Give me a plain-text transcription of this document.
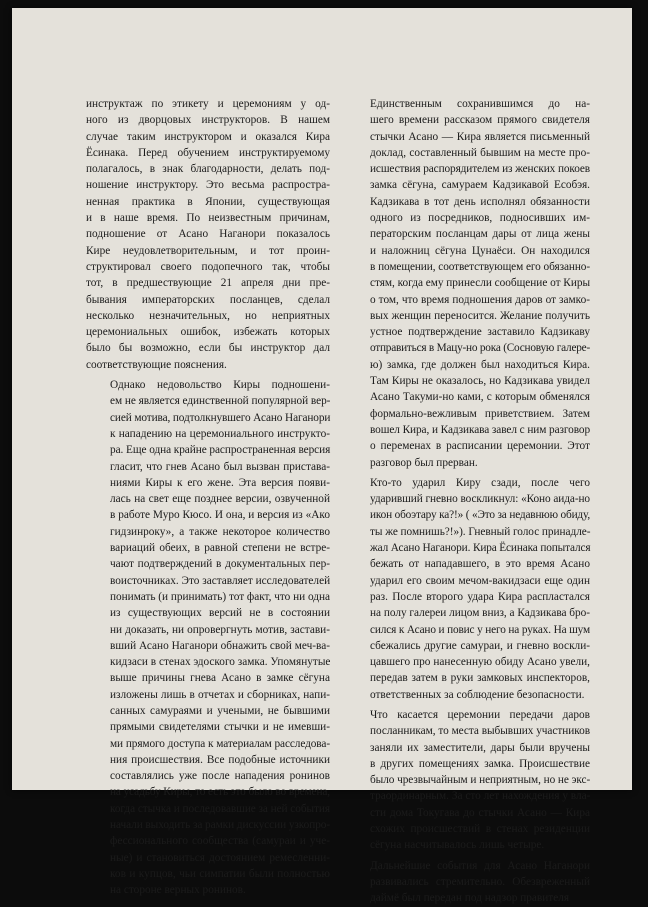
инструктаж по этикету и церемониям у од-
ного из дворцовых инструкторов. В нашем
случае таким инструктором и оказался Кира
Ёсинака. Перед обучением инструктируемому
полагалось, в знак благодарности, делать под-
ношение инструктору. Это весьма распростра-
ненная практика в Японии, существующая
и в наше время. По неизвестным причинам,
подношение от Асано Наганори показалось
Кире неудовлетворительным, и тот проин-
структировал своего подопечного так, чтобы
тот, в предшествующие 21 апреля дни пре-
бывания императорских посланцев, сделал
несколько незначительных, но неприятных
церемониальных ошибок, избежать которых
было бы возможно, если бы инструктор дал
соответствующие пояснения.

Однако недовольство Киры подношени-
ем не является единственной популярной вер-
сией мотива, подтолкнувшего Асано Наганори
к нападению на церемониального инструкто-
ра. Еще одна крайне распространенная версия
гласит, что гнев Асано был вызван пристава-
ниями Киры к его жене. Эта версия появи-
лась на свет еще позднее версии, озвученной
в работе Муро Кюсо. И она, и версия из «Ако
гидзинроку», а также некоторое количество
вариаций обеих, в равной степени не встре-
чают подтверждений в документальных пер-
воисточниках. Это заставляет исследователей
понимать (и принимать) тот факт, что ни одна
из существующих версий не в состоянии
ни доказать, ни опровергнуть мотив, застави-
вший Асано Наганори обнажить свой меч-ва-
кидзаси в стенах эдоского замка. Упомянутые
выше причины гнева Асано в замке сёгуна
изложены лишь в отчетах и сборниках, напи-
санных самураями и учеными, не бывшими
прямыми свидетелями стычки и не имевши-
ми прямого доступа к материалам расследова-
ния происшествия. Все подобные источники
составлялись уже после нападения ронинов
на усадьбу Киры, то есть это было во времена,
когда стычка и последовавшие за ней события
начали выходить за рамки дискуссии узкопро-
фессионального сообщества (самураи и уче-
ные) и становиться достоянием ремесленни-
ков и купцов, чьи симпатии были полностью
на стороне верных ронинов.

Единственным сохранившимся до на-
шего времени рассказом прямого свидетеля
стычки Асано — Кира является письменный
доклад, составленный бывшим на месте про-
исшествия распорядителем из женских покоев
замка сёгуна, самураем Кадзикавой Есобэя.
Кадзикава в тот день исполнял обязанности
одного из посредников, подносивших им-
ператорским посланцам дары от лица жены
и наложниц сёгуна Цунаёси. Он находился
в помещении, соответствующем его обязанно-
стям, когда ему принесли сообщение от Киры
о том, что время подношения даров от замко-
вых женщин переносится. Желание получить
устное подтверждение заставило Кадзикаву
отправиться в Мацу-но рока (Сосновую галере-
ю) замка, где должен был находиться Кира.
Там Киры не оказалось, но Кадзикава увидел
Асано Такуми-но ками, с которым обменялся
формально-вежливым приветствием. Затем
вошел Кира, и Кадзикава завел с ним разговор
о переменах в расписании церемонии. Этот
разговор был прерван.

Кто-то ударил Киру сзади, после чего
ударивший гневно воскликнул: «Коно аида-но
икон обоэтару ка?!» ( «Это за недавнюю обиду,
ты же помнишь?!»). Гневный голос принадле-
жал Асано Наганори. Кира Ёсинака попытался
бежать от нападавшего, в это время Асано
ударил его своим мечом-вакидзаси еще один
раз. После второго удара Кира распластался
на полу галереи лицом вниз, а Кадзикава бро-
сился к Асано и повис у него на руках. На шум
сбежались другие самураи, и гневно воскли-
цавшего про нанесенную обиду Асано увели,
передав затем в руки замковых инспекторов,
ответственных за соблюдение безопасности.

Что касается церемонии передачи даров
посланникам, то места выбывших участников
заняли их заместители, дары были вручены
в других помещениях замка. Происшествие
было чрезвычайным и неприятным, но не экс-
траординарным. За сто лет нахождения у вла-
сти дома Токугава до стычки Асано — Кира
схожих происшествий в стенах резиденции
сёгуна насчитывалось лишь четыре.

Дальнейшие события для Асано Наганори
развивались стремительно. Обезвреженный
даймё был передан под надзор правителя
